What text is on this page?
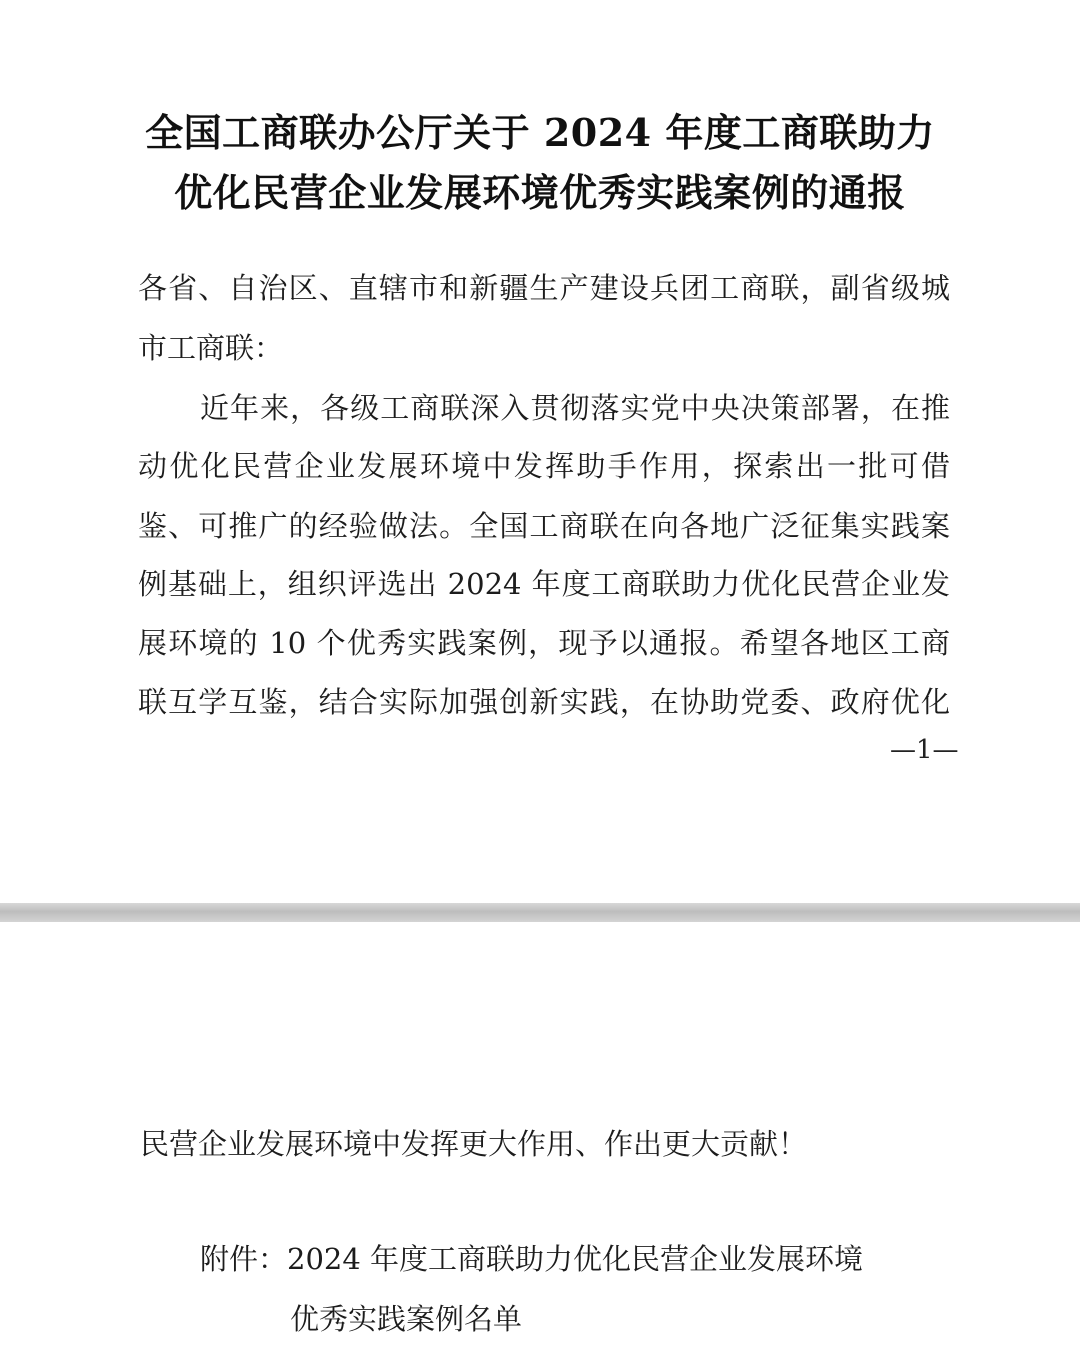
全国工商联办公厅关于 2024 年度工商联助力
优化民营企业发展环境优秀实践案例的通报
各省、自治区、直辖市和新疆生产建设兵团工商联，副省级城
市工商联：
近年来，各级工商联深入贯彻落实党中央决策部署，在推
动优化民营企业发展环境中发挥助手作用，探索出一批可借
鉴、可推广的经验做法。全国工商联在向各地广泛征集实践案
例基础上，组织评选出 2024 年度工商联助力优化民营企业发
展环境的 10 个优秀实践案例，现予以通报。希望各地区工商
联互学互鉴，结合实际加强创新实践，在协助党委、政府优化
—1—
民营企业发展环境中发挥更大作用、作出更大贡献！
附件：2024 年度工商联助力优化民营企业发展环境
优秀实践案例名单
